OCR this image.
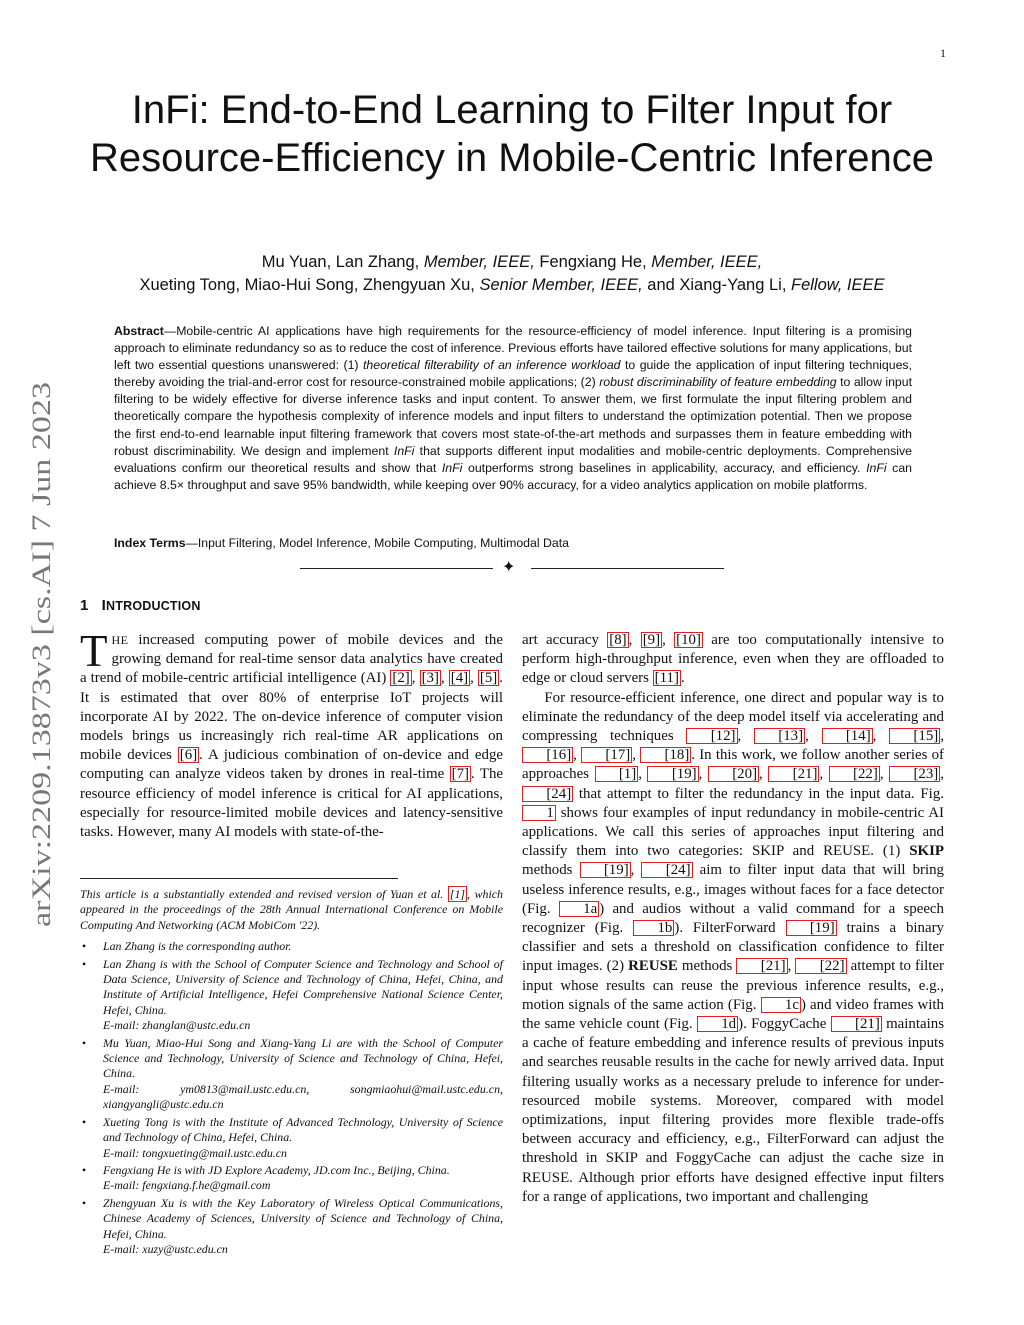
1
arXiv:2209.13873v3 [cs.AI] 7 Jun 2023
InFi: End-to-End Learning to Filter Input for
Resource-Efficiency in Mobile-Centric Inference
Mu Yuan, Lan Zhang, Member, IEEE, Fengxiang He, Member, IEEE,
Xueting Tong, Miao-Hui Song, Zhengyuan Xu, Senior Member, IEEE, and Xiang-Yang Li, Fellow, IEEE
Abstract—Mobile-centric AI applications have high requirements for the resource-efficiency of model inference. Input filtering is a promising approach to eliminate redundancy so as to reduce the cost of inference. Previous efforts have tailored effective solutions for many applications, but left two essential questions unanswered: (1) theoretical filterability of an inference workload to guide the application of input filtering techniques, thereby avoiding the trial-and-error cost for resource-constrained mobile applications; (2) robust discriminability of feature embedding to allow input filtering to be widely effective for diverse inference tasks and input content. To answer them, we first formulate the input filtering problem and theoretically compare the hypothesis complexity of inference models and input filters to understand the optimization potential. Then we propose the first end-to-end learnable input filtering framework that covers most state-of-the-art methods and surpasses them in feature embedding with robust discriminability. We design and implement InFi that supports different input modalities and mobile-centric deployments. Comprehensive evaluations confirm our theoretical results and show that InFi outperforms strong baselines in applicability, accuracy, and efficiency. InFi can achieve 8.5× throughput and save 95% bandwidth, while keeping over 90% accuracy, for a video analytics application on mobile platforms.
Index Terms—Input Filtering, Model Inference, Mobile Computing, Multimodal Data
✦
1 INTRODUCTION

THE increased computing power of mobile devices and the growing demand for real-time sensor data analytics have created a trend of mobile-centric artificial intelligence (AI) [2] , [3] , [4] , [5] . It is estimated that over 80% of enterprise IoT projects will incorporate AI by 2022. The on-device inference of computer vision models brings us increasingly rich real-time AR applications on mobile devices [6] . A judicious combination of on-device and edge computing can analyze videos taken by drones in real-time [7] . The resource efficiency of model inference is critical for AI applications, especially for resource-limited mobile devices and latency-sensitive tasks. However, many AI models with state-of-the-

This article is a substantially extended and revised version of Yuan et al. [1] , which appeared in the proceedings of the 28th Annual International Conference on Mobile Computing And Networking (ACM MobiCom '22).

• Lan Zhang is the corresponding author.
• Lan Zhang is with the School of Computer Science and Technology and School of Data Science, University of Science and Technology of China, Hefei, China, and Institute of Artificial Intelligence, Hefei Comprehensive National Science Center, Hefei, China.
E-mail: zhanglan@ustc.edu.cn
• Mu Yuan, Miao-Hui Song and Xiang-Yang Li are with the School of Computer Science and Technology, University of Science and Technology of China, Hefei, China.
E-mail: ym0813@mail.ustc.edu.cn, songmiaohui@mail.ustc.edu.cn, xiangyangli@ustc.edu.cn
• Xueting Tong is with the Institute of Advanced Technology, University of Science and Technology of China, Hefei, China.
E-mail: tongxueting@mail.ustc.edu.cn
• Fengxiang He is with JD Explore Academy, JD.com Inc., Beijing, China.
E-mail: fengxiang.f.he@gmail.com
• Zhengyuan Xu is with the Key Laboratory of Wireless Optical Communications, Chinese Academy of Sciences, University of Science and Technology of China, Hefei, China.
E-mail: xuzy@ustc.edu.cn

art accuracy [8] , [9] , [10] are too computationally intensive to perform high-throughput inference, even when they are offloaded to edge or cloud servers [11] .

For resource-efficient inference, one direct and popular way is to eliminate the redundancy of the deep model itself via accelerating and compressing techniques [12] , [13] , [14] , [15] , [16] , [17] , [18] . In this work, we follow another series of approaches [1] , [19] , [20] , [21] , [22] , [23] , [24] that attempt to filter the redundancy in the input data. Fig. 1 shows four examples of input redundancy in mobile-centric AI applications. We call this series of approaches input filtering and classify them into two categories: SKIP and REUSE. (1) SKIP methods [19] , [24] aim to filter input data that will bring useless inference results, e.g., images without faces for a face detector (Fig. 1a ) and audios without a valid command for a speech recognizer (Fig. 1b ). FilterForward [19] trains a binary classifier and sets a threshold on classification confidence to filter input images. (2) REUSE methods [21] , [22] attempt to filter input whose results can reuse the previous inference results, e.g., motion signals of the same action (Fig. 1c ) and video frames with the same vehicle count (Fig. 1d ). FoggyCache [21] maintains a cache of feature embedding and inference results of previous inputs and searches reusable results in the cache for newly arrived data. Input filtering usually works as a necessary prelude to inference for under-resourced mobile systems. Moreover, compared with model optimizations, input filtering provides more flexible trade-offs between accuracy and efficiency, e.g., FilterForward can adjust the threshold in SKIP and FoggyCache can adjust the cache size in REUSE. Although prior efforts have designed effective input filters for a range of applications, two important and challenging
